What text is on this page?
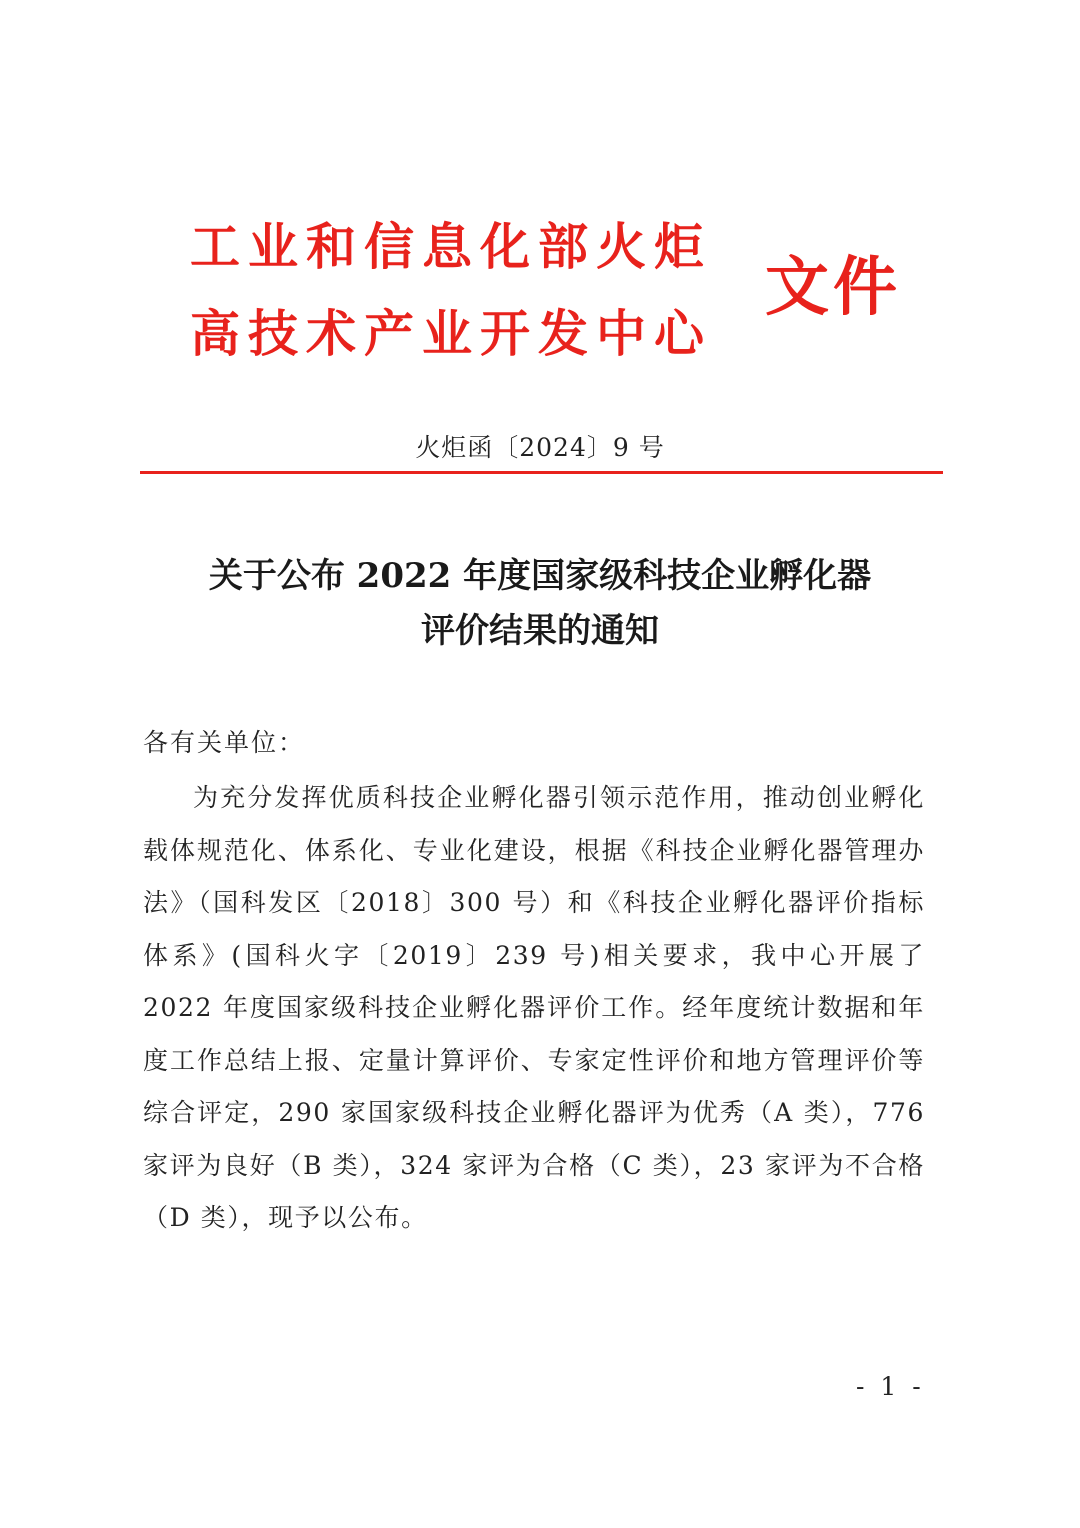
工业和信息化部火炬
高技术产业开发中心
文件
火炬函〔2024〕9 号
关于公布 2022 年度国家级科技企业孵化器
评价结果的通知
各有关单位：

为充分发挥优质科技企业孵化器引领示范作用，推动创业孵化载体规范化、体系化、专业化建设，根据《科技企业孵化器管理办法》（国科发区〔2018〕300 号）和《科技企业孵化器评价指标体系》(国科火字〔2019〕239 号)相关要求，我中心开展了 2022 年度国家级科技企业孵化器评价工作。经年度统计数据和年度工作总结上报、定量计算评价、专家定性评价和地方管理评价等综合评定，290 家国家级科技企业孵化器评为优秀（A 类），776 家评为良好（B 类），324 家评为合格（C 类），23 家评为不合格（D 类），现予以公布。

- 1 -
